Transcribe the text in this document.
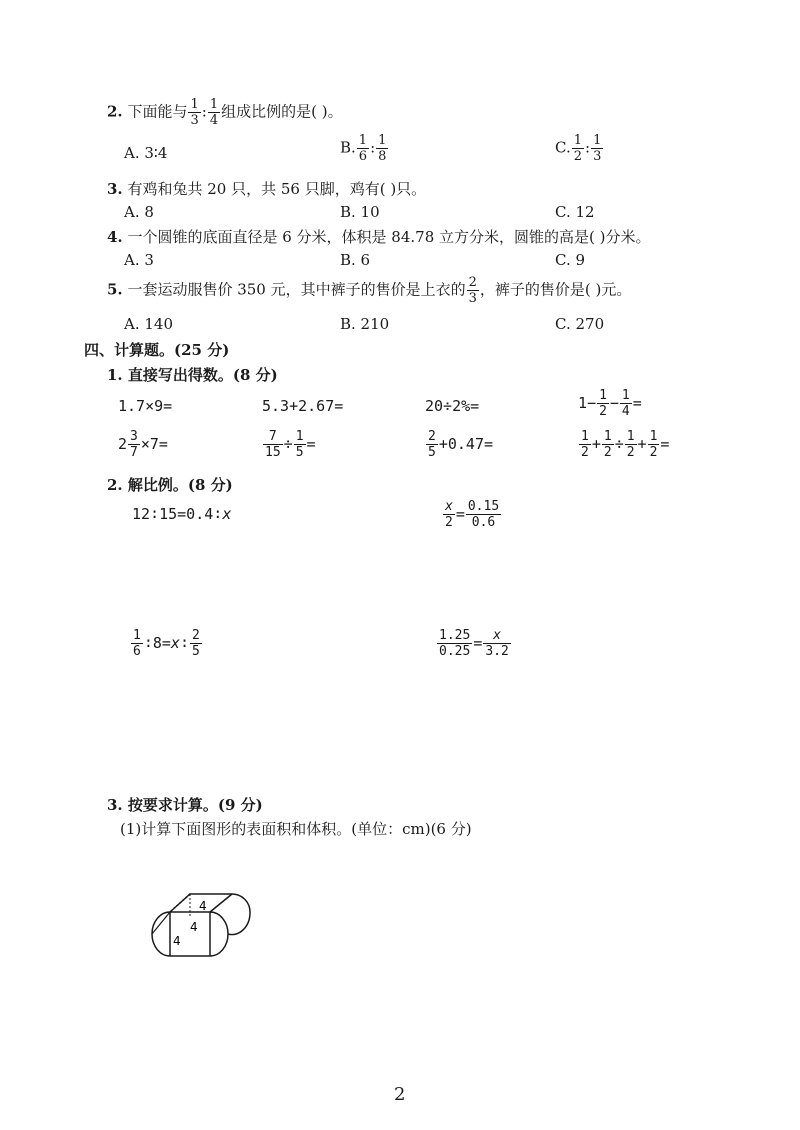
2. 下面能与 $\frac{1}{3}$ : $\frac{1}{4}$ 组成比例的是( )。
A. 3∶4	B. $\frac{1}{6}$ : $\frac{1}{8}$	C. $\frac{1}{2}$ : $\frac{1}{3}$
3. 有鸡和兔共 20 只，共 56 只脚，鸡有( )只。
A. 8	B. 10	C. 12
4. 一个圆锥的底面直径是 6 分米，体积是 84.78 立方分米，圆锥的高是( )分米。
A. 3	B. 6	C. 9
5. 一套运动服售价 350 元，其中裤子的售价是上衣的 $\frac{2}{3}$ ，裤子的售价是( )元。
A. 140	B. 210	C. 270
四、计算题。(25 分)
1. 直接写出得数。(8 分)
1.7×9=	5.3+2.67=	20÷2%=	$1- \frac{1}{2} - \frac{1}{4}$ =
$2 \frac{3}{7} \times 7=$	$\frac{7}{15} \div \frac{1}{5}$ =	$\frac{2}{5} +0.47=$	$\frac{1}{2} + \frac{1}{2} \div \frac{1}{2} + \frac{1}{2}$ =
2. 解比例。(8 分)
12∶15=0.4∶x	$\frac{x}{2} = \frac{0.15}{0.6}$
$\frac{1}{6}$ ∶8=x∶ $\frac{2}{5}$	$\frac{1.25}{0.25} = \frac{x}{3.2}$
3. 按要求计算。(9 分)
(1)计算下面图形的表面积和体积。(单位：cm)(6 分)
4
4
4
2
